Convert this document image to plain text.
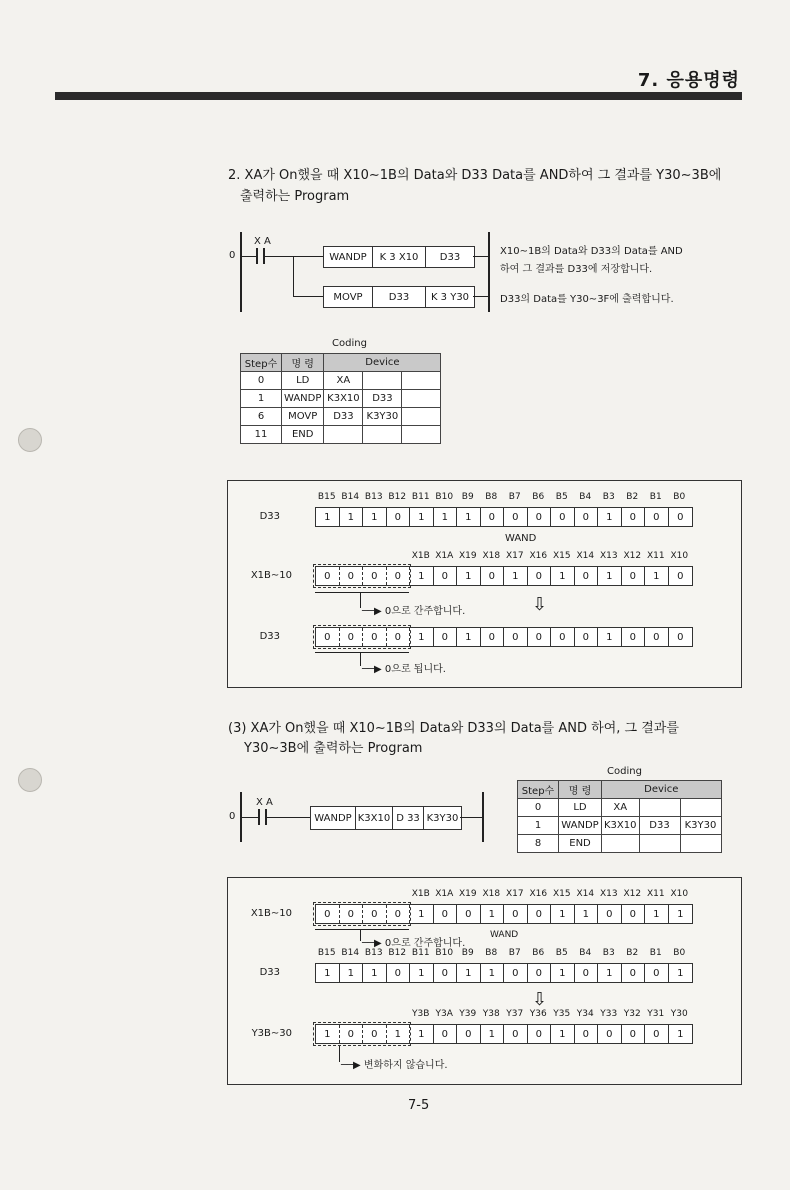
7. 응용명령
2. XA가 On했을 때 X10∼1B의 Data와 D33 Data를 AND하여 그 결과를 Y30∼3B에
출력하는 Program
0
X A
WANDP	K 3 X10	D33
MOVP	D33	K 3 Y30
X10∼1B의 Data와 D33의 Data를 AND
하여 그 결과를 D33에 저장합니다.
D33의 Data를 Y30∼3F에 출력합니다.
Coding
Step수	명 령	Device		
0	LD	XA		
1	WANDP	K3X10	D33	
6	MOVP	D33	K3Y30	
11	END			
B15 B14 B13 B12 B11 B10 B9	B8	B7	B6	B5	B4	B3	B2	B1	B0
D33	1	1	1	0	1	1	1	0	0	0	0	0	1	0	0	0
WAND
X1B X1A X19 X18 X17 X16 X15 X14 X13 X12 X11 X10
X1B∼10	0	0	0	0	1	0	1	0	1	0	1	0	1	0	1	0
──▶ 0으로 간주합니다.	⇩
D33	0	0	0	0	1	0	1	0	0	0	0	0	1	0	0	0
──▶ 0으로 됩니다.
(3) XA가 On했을 때 X10∼1B의 Data와 D33의 Data를 AND 하여, 그 결과를
Y30∼3B에 출력하는 Program
0
X A
WANDP K3X10 D 33 K3Y30
Coding
Step수	명 령	Device		
0	LD	XA		
1	WANDP	K3X10	D33	K3Y30
8	END			
X1B X1A X19 X18 X17 X16 X15 X14 X13 X12 X11 X10
X1B∼10	0	0	0	0	1	0	0	1	0	0	1	1	0	0	1	1
──▶ 0으로 간주합니다.
WAND
B15 B14 B13 B12 B11 B10 B9	B8	B7	B6	B5	B4	B3	B2	B1	B0
D33	1	1	1	0	1	0	1	1	0	0	1	0	1	0	0	1
⇩
Y3B Y3A Y39 Y38 Y37 Y36 Y35 Y34 Y33 Y32 Y31 Y30
Y3B∼30	1	0	0	1	1	0	0	1	0	0	1	0	0	0	0	1
──▶ 변화하지 않습니다.
7-5
